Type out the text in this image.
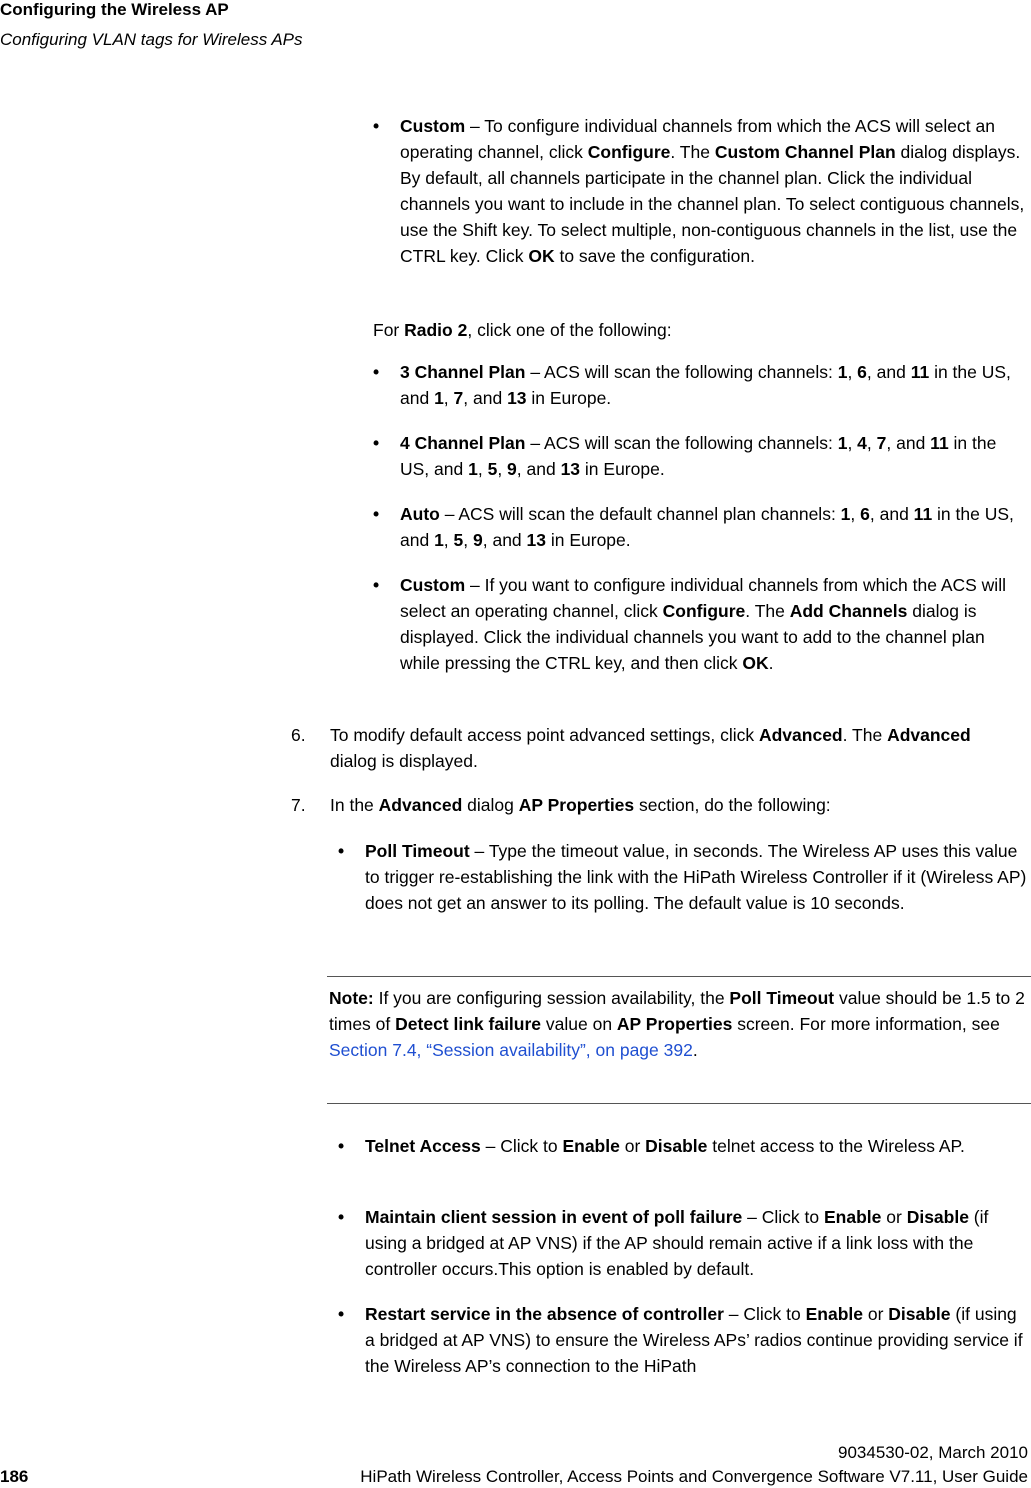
Configuring the Wireless AP
Configuring VLAN tags for Wireless APs
• Custom – To configure individual channels from which the ACS will select an operating channel, click Configure. The Custom Channel Plan dialog displays. By default, all channels participate in the channel plan. Click the individual channels you want to include in the channel plan. To select contiguous channels, use the Shift key. To select multiple, non-contiguous channels in the list, use the CTRL key. Click OK to save the configuration.
For Radio 2, click one of the following:
• 3 Channel Plan – ACS will scan the following channels: 1, 6, and 11 in the US, and 1, 7, and 13 in Europe.
• 4 Channel Plan – ACS will scan the following channels: 1, 4, 7, and 11 in the US, and 1, 5, 9, and 13 in Europe.
• Auto – ACS will scan the default channel plan channels: 1, 6, and 11 in the US, and 1, 5, 9, and 13 in Europe.
• Custom – If you want to configure individual channels from which the ACS will select an operating channel, click Configure. The Add Channels dialog is displayed. Click the individual channels you want to add to the channel plan while pressing the CTRL key, and then click OK.
6. To modify default access point advanced settings, click Advanced. The Advanced dialog is displayed.
7. In the Advanced dialog AP Properties section, do the following:
• Poll Timeout – Type the timeout value, in seconds. The Wireless AP uses this value to trigger re-establishing the link with the HiPath Wireless Controller if it (Wireless AP) does not get an answer to its polling. The default value is 10 seconds.
Note: If you are configuring session availability, the Poll Timeout value should be 1.5 to 2 times of Detect link failure value on AP Properties screen. For more information, see Section 7.4, “Session availability”, on page 392.
• Telnet Access – Click to Enable or Disable telnet access to the Wireless AP.
• Maintain client session in event of poll failure – Click to Enable or Disable (if using a bridged at AP VNS) if the AP should remain active if a link loss with the controller occurs.This option is enabled by default.
• Restart service in the absence of controller – Click to Enable or Disable (if using a bridged at AP VNS) to ensure the Wireless APs’ radios continue providing service if the Wireless AP’s connection to the HiPath
9034530-02, March 2010
186	HiPath Wireless Controller, Access Points and Convergence Software V7.11, User Guide
